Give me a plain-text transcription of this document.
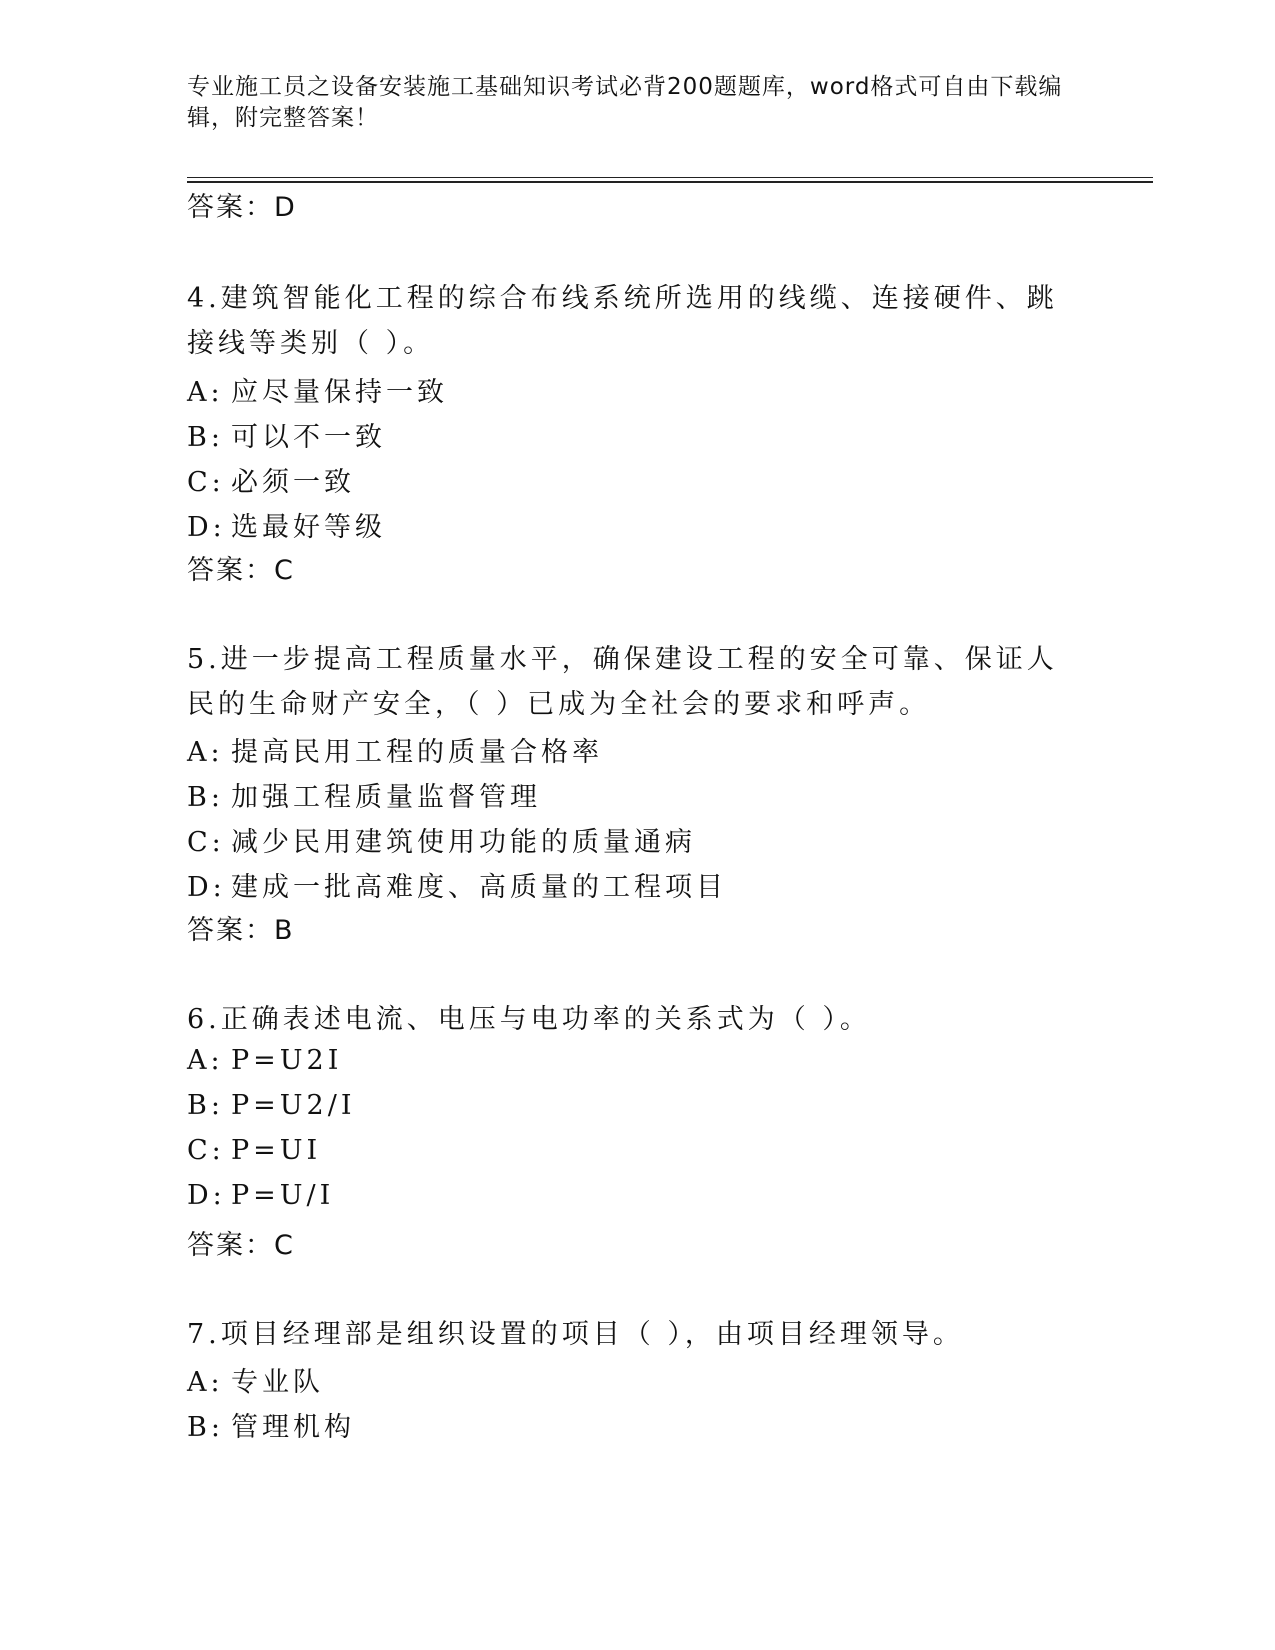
专业施工员之设备安装施工基础知识考试必背200题题库，word格式可自由下载编辑，附完整答案！
答案：D
4.建筑智能化工程的综合布线系统所选用的线缆、连接硬件、跳接线等类别（ ）。
A: 应尽量保持一致
B: 可以不一致
C: 必须一致
D: 选最好等级
答案：C
5.进一步提高工程质量水平，确保建设工程的安全可靠、保证人民的生命财产安全，（ ）已成为全社会的要求和呼声。
A: 提高民用工程的质量合格率
B: 加强工程质量监督管理
C: 减少民用建筑使用功能的质量通病
D: 建成一批高难度、高质量的工程项目
答案：B
6.正确表述电流、电压与电功率的关系式为（ ）。
A: P=U2I
B: P=U2/I
C: P=UI
D: P=U/I
答案：C
7.项目经理部是组织设置的项目（ ），由项目经理领导。
A: 专业队
B: 管理机构
